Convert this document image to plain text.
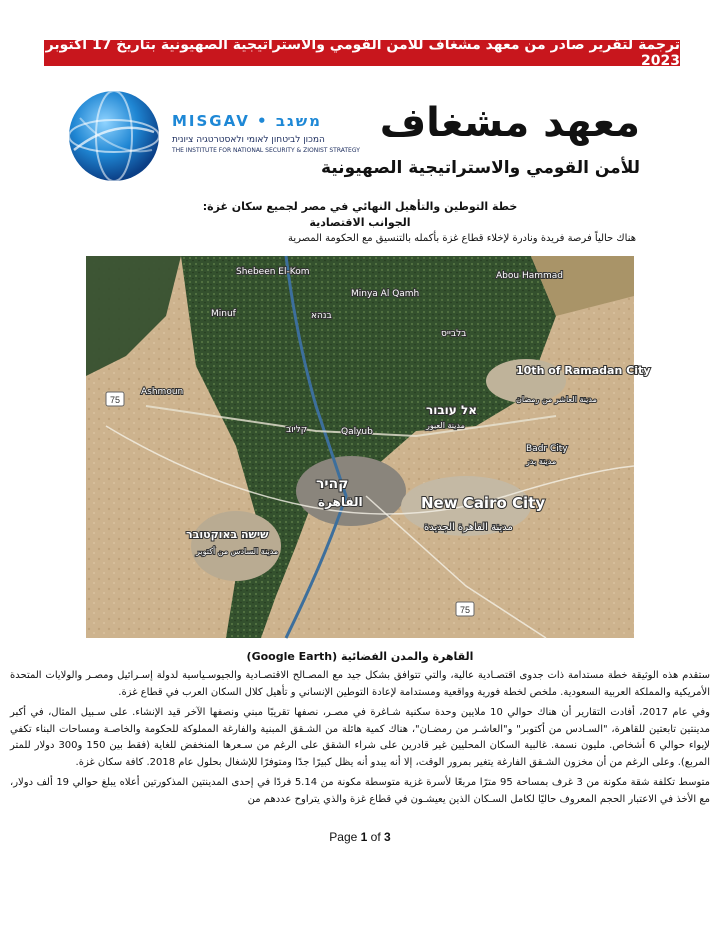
ترجمة لتقرير صادر من معهد مشغاف للأمن القومي والاستراتيجية الصهيونية بتاريخ 17 أكتوبر 2023
MISGAV • משגב
המכון לביטחון לאומי ולאסטרטגיה ציונית
THE INSTITUTE FOR NATIONAL SECURITY & ZIONIST STRATEGY
معهد مشغاف
للأمن القومي والاستراتيجية الصهيونية
خطة التوطين والتأهيل النهائي في مصر لجميع سكان غزة:
الجوانب الاقتصادية
هناك حالياً فرصة فريدة ونادرة لإخلاء قطاع غزة بأكمله بالتنسيق مع الحكومة المصرية
Shebeen El-Kom	Abou Hammad
Minya Al Qamh
Minuf
Ashmoun
בנהא
בלבייס
10th of Ramadan City
مدينة العاشر من رمضان
אל עובור
مدينة العبور
Qalyub
קליוב
Badr City
مدينة بدر
קהיר
القاهرة	New Cairo City
مدينة القاهرة الجديدة
שישה באוקטובר
مدينة السادس من أكتوبر
75
75
القاهرة والمدن الفضائية (Google Earth)

ستقدم هذه الوثيقة خطة مستدامة ذات جدوى اقتصـادية عالية، والتي تتوافق بشكل جيد مع المصـالح الاقتصـادية والجيوسـياسية لدولة إسـرائيل ومصـر والولايات المتحدة الأمريكية والمملكة العربية السعودية. ملخص لخطة فورية وواقعية ومستدامة لإعادة التوطين الإنساني و تأهيل كلال السكان العرب في قطاع غزة.

وفي عام 2017، أفادت التقارير أن هناك حوالي 10 ملايين وحدة سكنية شـاغرة في مصـر، نصفها تقريبًا مبني ونصفها الآخر قيد الإنشاء. على سـبيل المثال، في أكبر مدينتين تابعتين للقاهرة، "السـادس من أكتوبر" و"العاشـر من رمضـان"، هناك كمية هائلة من الشـقق المبنية والفارغة المملوكة للحكومة والخاصـة ومساحات البناء تكفي لإيواء حوالي 6 أشخاص. مليون نسمة. غالبية السكان المحليين غير قادرين على شراء الشقق على الرغم من سـعرها المنخفض للغاية (فقط بين 150 و300 دولار للمتر المربع). وعلى الرغم من أن مخزون الشـقق الفارغة يتغير بمرور الوقت، إلا أنه يبدو أنه يظل كبيرًا جدًا ومتوفرًا للإشغال بحلول عام 2018. كافة سكان غزة.

متوسط تكلفة شقة مكونة من 3 غرف بمساحة 95 مترًا مربعًا لأسرة غزية متوسطة مكونة من 5.14 فردًا في إحدى المدينتين المذكورتين أعلاه يبلغ حوالي 19 ألف دولار، مع الأخذ في الاعتبار الحجم المعروف حاليًا لكامل السـكان الذين يعيشـون في قطاع غزة والذي يتراوح عددهم من

Page 1 of 3
